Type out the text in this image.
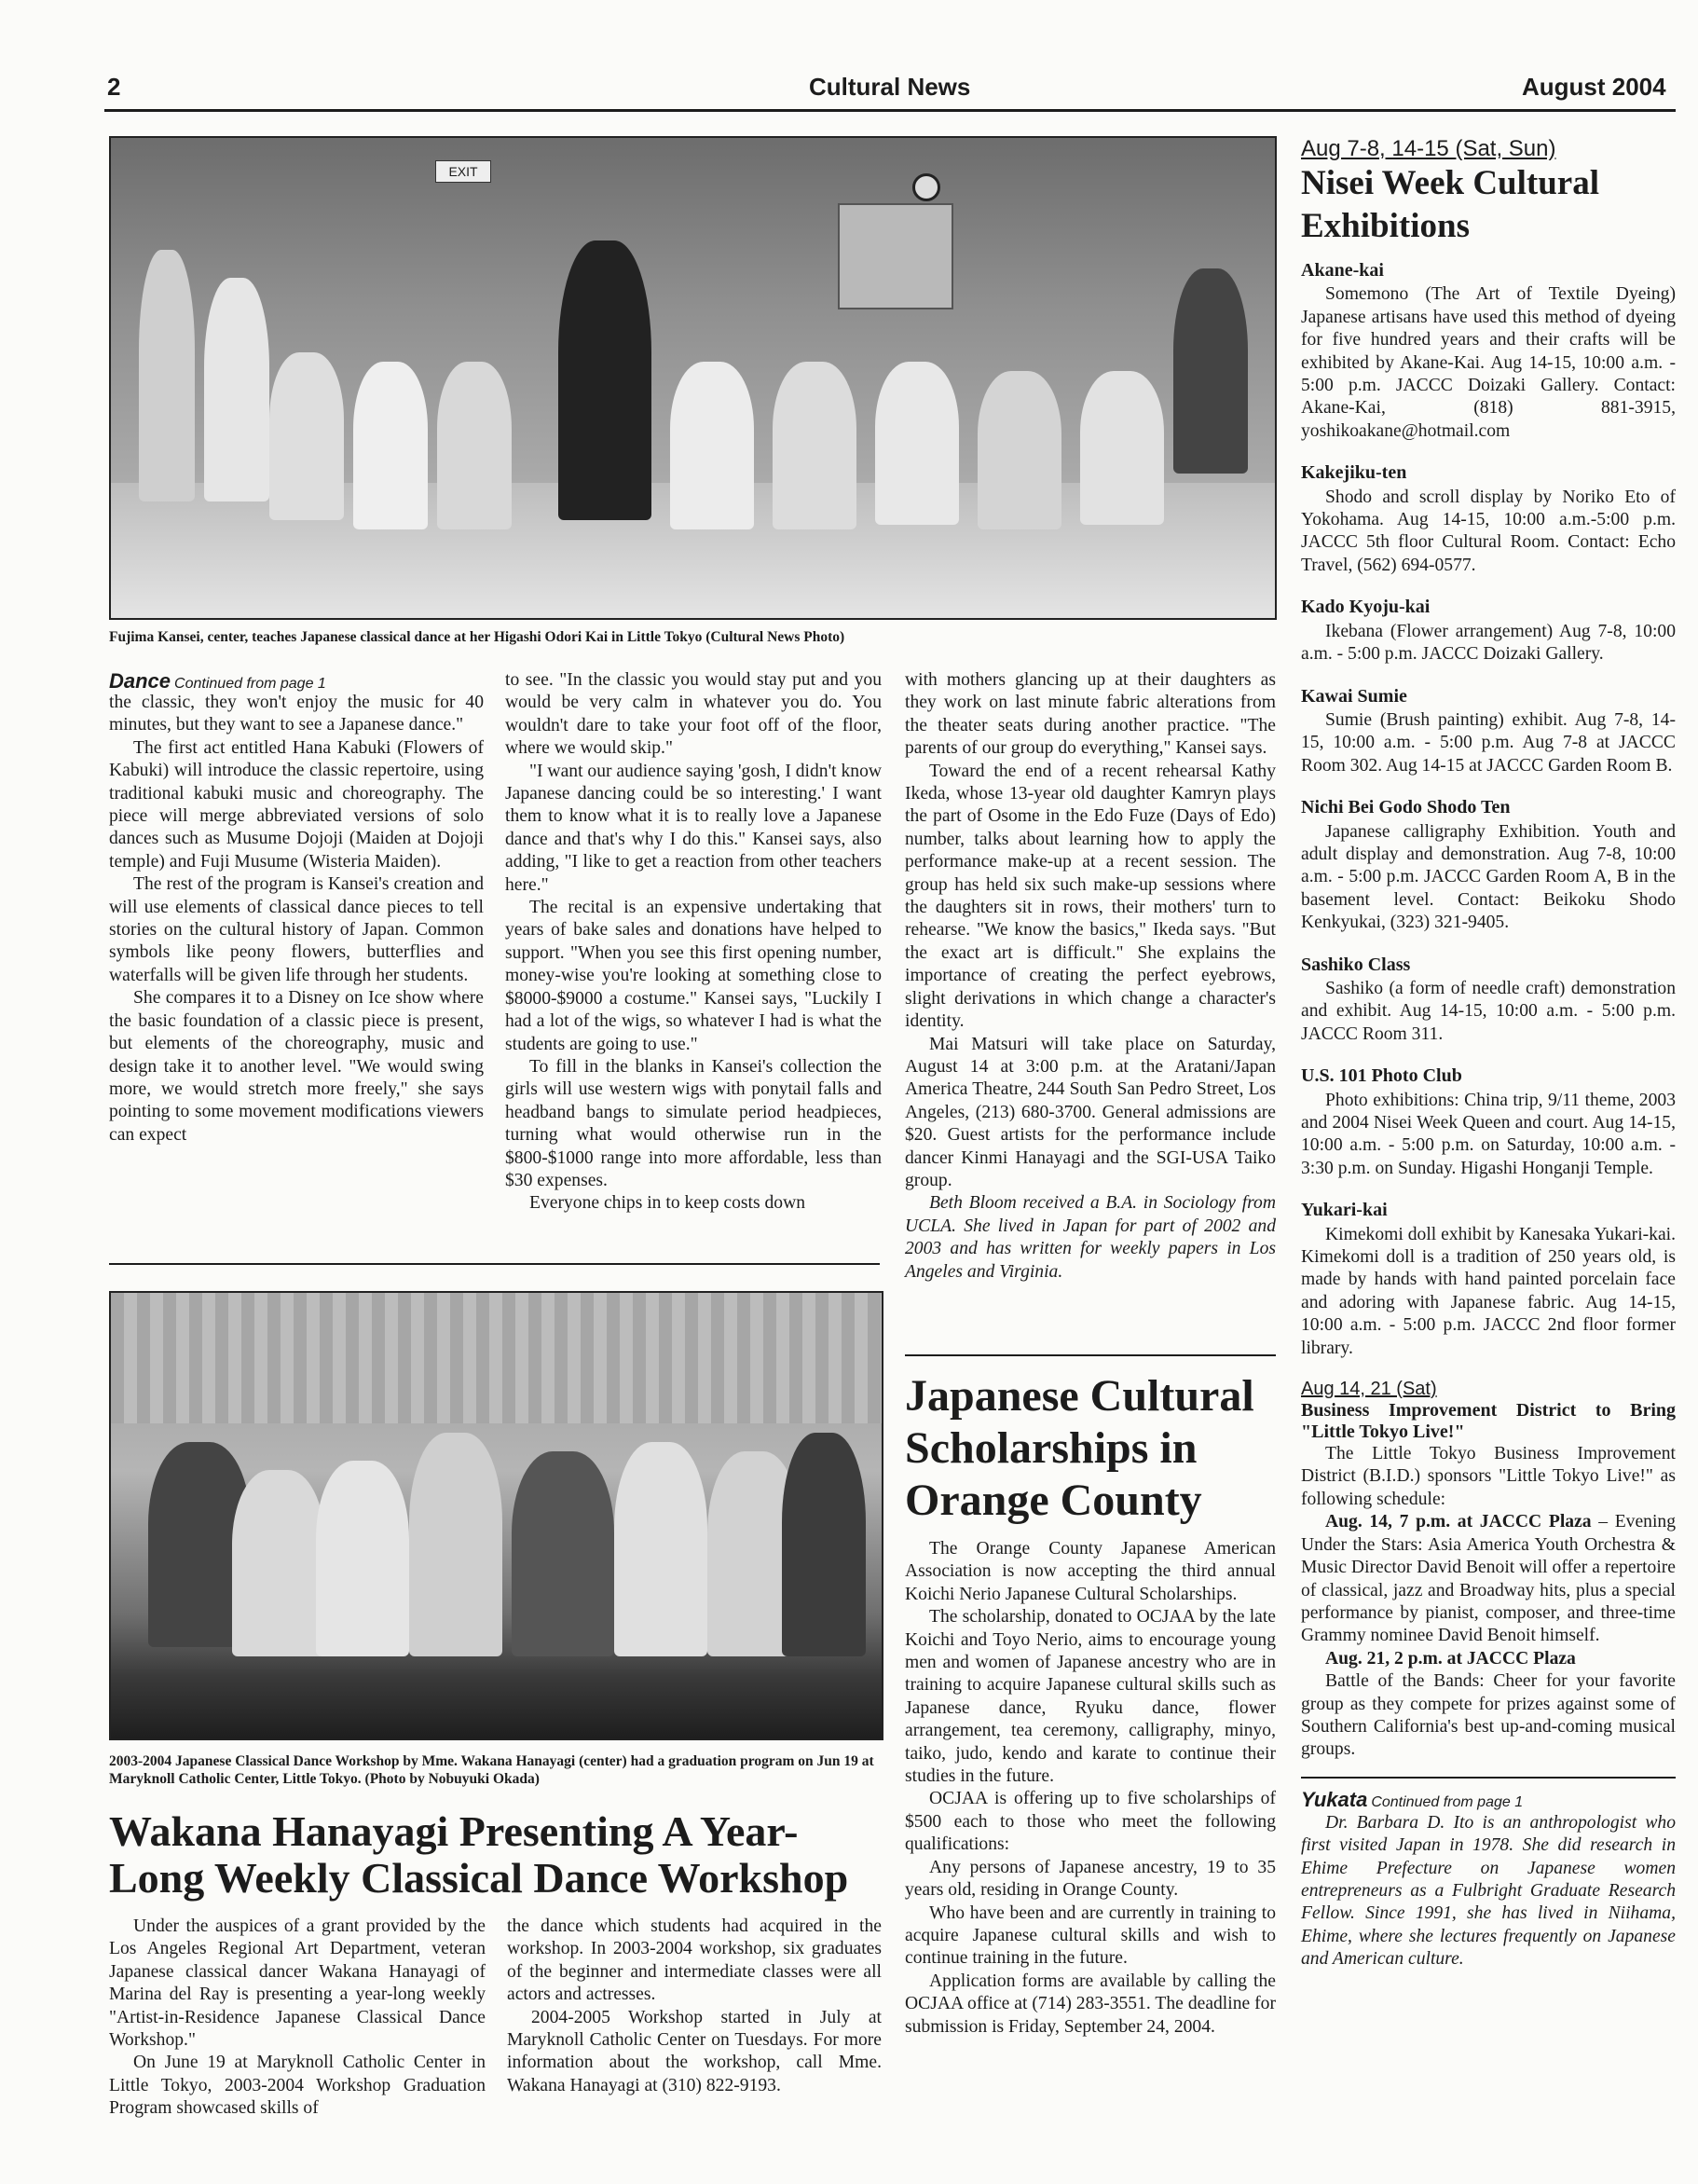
2	Cultural News	August 2004
EXIT
Fujima Kansei, center, teaches Japanese classical dance at her Higashi Odori Kai in Little Tokyo (Cultural News Photo)
Dance Continued from page 1

the classic, they won't enjoy the music for 40 minutes, but they want to see a Japanese dance."

The first act entitled Hana Kabuki (Flowers of Kabuki) will introduce the classic repertoire, using traditional kabuki music and choreography. The piece will merge abbreviated versions of solo dances such as Musume Dojoji (Maiden at Dojoji temple) and Fuji Musume (Wisteria Maiden).

The rest of the program is Kansei's creation and will use elements of classical dance pieces to tell stories on the cultural history of Japan. Common symbols like peony flowers, butterflies and waterfalls will be given life through her students.

She compares it to a Disney on Ice show where the basic foundation of a classic piece is present, but elements of the choreography, music and design take it to another level. "We would swing more, we would stretch more freely," she says pointing to some movement modifications viewers can expect

to see. "In the classic you would stay put and you would be very calm in whatever you do. You wouldn't dare to take your foot off of the floor, where we would skip."

"I want our audience saying 'gosh, I didn't know Japanese dancing could be so interesting.' I want them to know what it is to really love a Japanese dance and that's why I do this." Kansei says, also adding, "I like to get a reaction from other teachers here."

The recital is an expensive undertaking that years of bake sales and donations have helped to support. "When you see this first opening number, money-wise you're looking at something close to $8000-$9000 a costume." Kansei says, "Luckily I had a lot of the wigs, so whatever I had is what the students are going to use."

To fill in the blanks in Kansei's collection the girls will use western wigs with ponytail falls and headband bangs to simulate period headpieces, turning what would otherwise run in the $800-$1000 range into more affordable, less than $30 expenses.

Everyone chips in to keep costs down

with mothers glancing up at their daughters as they work on last minute fabric alterations from the theater seats during another practice. "The parents of our group do everything," Kansei says.

Toward the end of a recent rehearsal Kathy Ikeda, whose 13-year old daughter Kamryn plays the part of Osome in the Edo Fuze (Days of Edo) number, talks about learning how to apply the performance make-up at a recent session. The group has held six such make-up sessions where the daughters sit in rows, their mothers' turn to rehearse. "We know the basics," Ikeda says. "But the exact art is difficult." She explains the importance of creating the perfect eyebrows, slight derivations in which change a character's identity.

Mai Matsuri will take place on Saturday, August 14 at 3:00 p.m. at the Aratani/Japan America Theatre, 244 South San Pedro Street, Los Angeles, (213) 680-3700. General admissions are $20. Guest artists for the performance include dancer Kinmi Hanayagi and the SGI-USA Taiko group.

Beth Bloom received a B.A. in Sociology from UCLA. She lived in Japan for part of 2002 and 2003 and has written for weekly papers in Los Angeles and Virginia.

2003-2004 Japanese Classical Dance Workshop by Mme. Wakana Hanayagi (center) had a graduation program on Jun 19 at Maryknoll Catholic Center, Little Tokyo. (Photo by Nobuyuki Okada)
Wakana Hanayagi Presenting A Year-Long Weekly Classical Dance Workshop

Under the auspices of a grant provided by the Los Angeles Regional Art Department, veteran Japanese classical dancer Wakana Hanayagi of Marina del Ray is presenting a year-long weekly "Artist-in-Residence Japanese Classical Dance Workshop."

On June 19 at Maryknoll Catholic Center in Little Tokyo, 2003-2004 Workshop Graduation Program showcased skills of

the dance which students had acquired in the workshop. In 2003-2004 workshop, six graduates of the beginner and intermediate classes were all actors and actresses.

2004-2005 Workshop started in July at Maryknoll Catholic Center on Tuesdays. For more information about the workshop, call Mme. Wakana Hanayagi at (310) 822-9193.

Japanese Cultural Scholarships in Orange County

The Orange County Japanese American Association is now accepting the third annual Koichi Nerio Japanese Cultural Scholarships.

The scholarship, donated to OCJAA by the late Koichi and Toyo Nerio, aims to encourage young men and women of Japanese ancestry who are in training to acquire Japanese cultural skills such as Japanese dance, Ryuku dance, flower arrangement, tea ceremony, calligraphy, minyo, taiko, judo, kendo and karate to continue their studies in the future.

OCJAA is offering up to five scholarships of $500 each to those who meet the following qualifications:

Any persons of Japanese ancestry, 19 to 35 years old, residing in Orange County.

Who have been and are currently in training to acquire Japanese cultural skills and wish to continue training in the future.

Application forms are available by calling the OCJAA office at (714) 283-3551. The deadline for submission is Friday, September 24, 2004.

Aug 7-8, 14-15 (Sat, Sun)
Nisei Week Cultural Exhibitions
Akane-kai

Somemono (The Art of Textile Dyeing) Japanese artisans have used this method of dyeing for five hundred years and their crafts will be exhibited by Akane-Kai. Aug 14-15, 10:00 a.m. - 5:00 p.m. JACCC Doizaki Gallery. Contact: Akane-Kai, (818) 881-3915, yoshikoakane@hotmail.com

Kakejiku-ten

Shodo and scroll display by Noriko Eto of Yokohama. Aug 14-15, 10:00 a.m.-5:00 p.m. JACCC 5th floor Cultural Room. Contact: Echo Travel, (562) 694-0577.

Kado Kyoju-kai

Ikebana (Flower arrangement) Aug 7-8, 10:00 a.m. - 5:00 p.m. JACCC Doizaki Gallery.

Kawai Sumie

Sumie (Brush painting) exhibit. Aug 7-8, 14-15, 10:00 a.m. - 5:00 p.m. Aug 7-8 at JACCC Room 302. Aug 14-15 at JACCC Garden Room B.

Nichi Bei Godo Shodo Ten

Japanese calligraphy Exhibition. Youth and adult display and demonstration. Aug 7-8, 10:00 a.m. - 5:00 p.m. JACCC Garden Room A, B in the basement level. Contact: Beikoku Shodo Kenkyukai, (323) 321-9405.

Sashiko Class

Sashiko (a form of needle craft) demonstration and exhibit. Aug 14-15, 10:00 a.m. - 5:00 p.m. JACCC Room 311.

U.S. 101 Photo Club

Photo exhibitions: China trip, 9/11 theme, 2003 and 2004 Nisei Week Queen and court. Aug 14-15, 10:00 a.m. - 5:00 p.m. on Saturday, 10:00 a.m. - 3:30 p.m. on Sunday. Higashi Honganji Temple.

Yukari-kai

Kimekomi doll exhibit by Kanesaka Yukari-kai. Kimekomi doll is a tradition of 250 years old, is made by hands with hand painted porcelain face and adoring with Japanese fabric. Aug 14-15, 10:00 a.m. - 5:00 p.m. JACCC 2nd floor former library.

Aug 14, 21 (Sat)
Business Improvement District to Bring "Little Tokyo Live!"

The Little Tokyo Business Improvement District (B.I.D.) sponsors "Little Tokyo Live!" as following schedule:

Aug. 14, 7 p.m. at JACCC Plaza – Evening Under the Stars: Asia America Youth Orchestra & Music Director David Benoit will offer a repertoire of classical, jazz and Broadway hits, plus a special performance by pianist, composer, and three-time Grammy nominee David Benoit himself.

Aug. 21, 2 p.m. at JACCC Plaza

Battle of the Bands: Cheer for your favorite group as they compete for prizes against some of Southern California's best up-and-coming musical groups.

Yukata Continued from page 1

Dr. Barbara D. Ito is an anthropologist who first visited Japan in 1978. She did research in Ehime Prefecture on Japanese women entrepreneurs as a Fulbright Graduate Research Fellow. Since 1991, she has lived in Niihama, Ehime, where she lectures frequently on Japanese and American culture.
